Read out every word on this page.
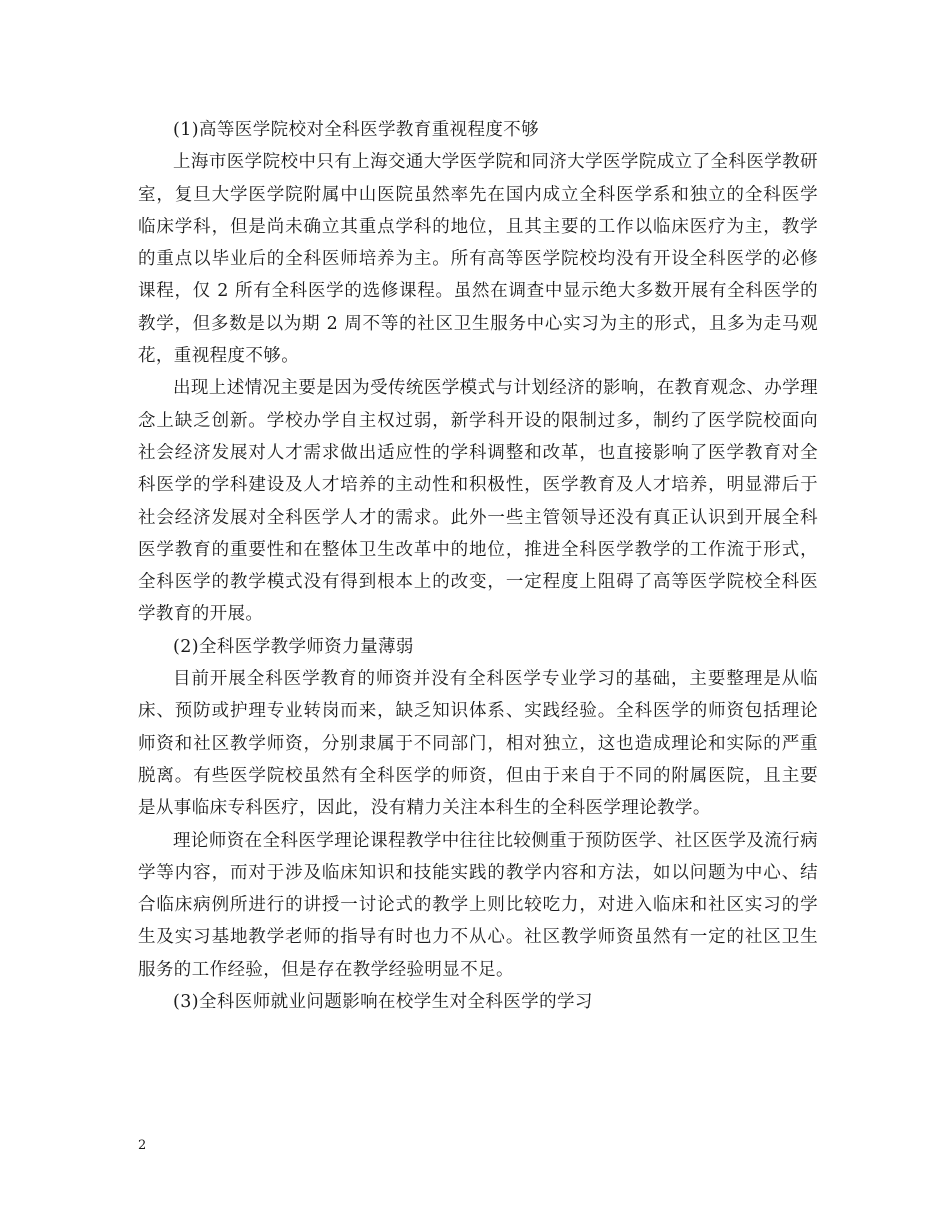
(1)高等医学院校对全科医学教育重视程度不够

上海市医学院校中只有上海交通大学医学院和同济大学医学院成立了全科医学教研室，复旦大学医学院附属中山医院虽然率先在国内成立全科医学系和独立的全科医学临床学科，但是尚未确立其重点学科的地位，且其主要的工作以临床医疗为主，教学的重点以毕业后的全科医师培养为主。所有高等医学院校均没有开设全科医学的必修课程，仅 2 所有全科医学的选修课程。虽然在调查中显示绝大多数开展有全科医学的教学，但多数是以为期 2 周不等的社区卫生服务中心实习为主的形式，且多为走马观花，重视程度不够。

出现上述情况主要是因为受传统医学模式与计划经济的影响，在教育观念、办学理念上缺乏创新。学校办学自主权过弱，新学科开设的限制过多，制约了医学院校面向社会经济发展对人才需求做出适应性的学科调整和改革，也直接影响了医学教育对全科医学的学科建设及人才培养的主动性和积极性，医学教育及人才培养，明显滞后于社会经济发展对全科医学人才的需求。此外一些主管领导还没有真正认识到开展全科医学教育的重要性和在整体卫生改革中的地位，推进全科医学教学的工作流于形式，全科医学的教学模式没有得到根本上的改变，一定程度上阻碍了高等医学院校全科医学教育的开展。

(2)全科医学教学师资力量薄弱

目前开展全科医学教育的师资并没有全科医学专业学习的基础，主要整理是从临床、预防或护理专业转岗而来，缺乏知识体系、实践经验。全科医学的师资包括理论师资和社区教学师资，分别隶属于不同部门，相对独立，这也造成理论和实际的严重脱离。有些医学院校虽然有全科医学的师资，但由于来自于不同的附属医院，且主要是从事临床专科医疗，因此，没有精力关注本科生的全科医学理论教学。

理论师资在全科医学理论课程教学中往往比较侧重于预防医学、社区医学及流行病学等内容，而对于涉及临床知识和技能实践的教学内容和方法，如以问题为中心、结合临床病例所进行的讲授一讨论式的教学上则比较吃力，对进入临床和社区实习的学生及实习基地教学老师的指导有时也力不从心。社区教学师资虽然有一定的社区卫生服务的工作经验，但是存在教学经验明显不足。

(3)全科医师就业问题影响在校学生对全科医学的学习

2
